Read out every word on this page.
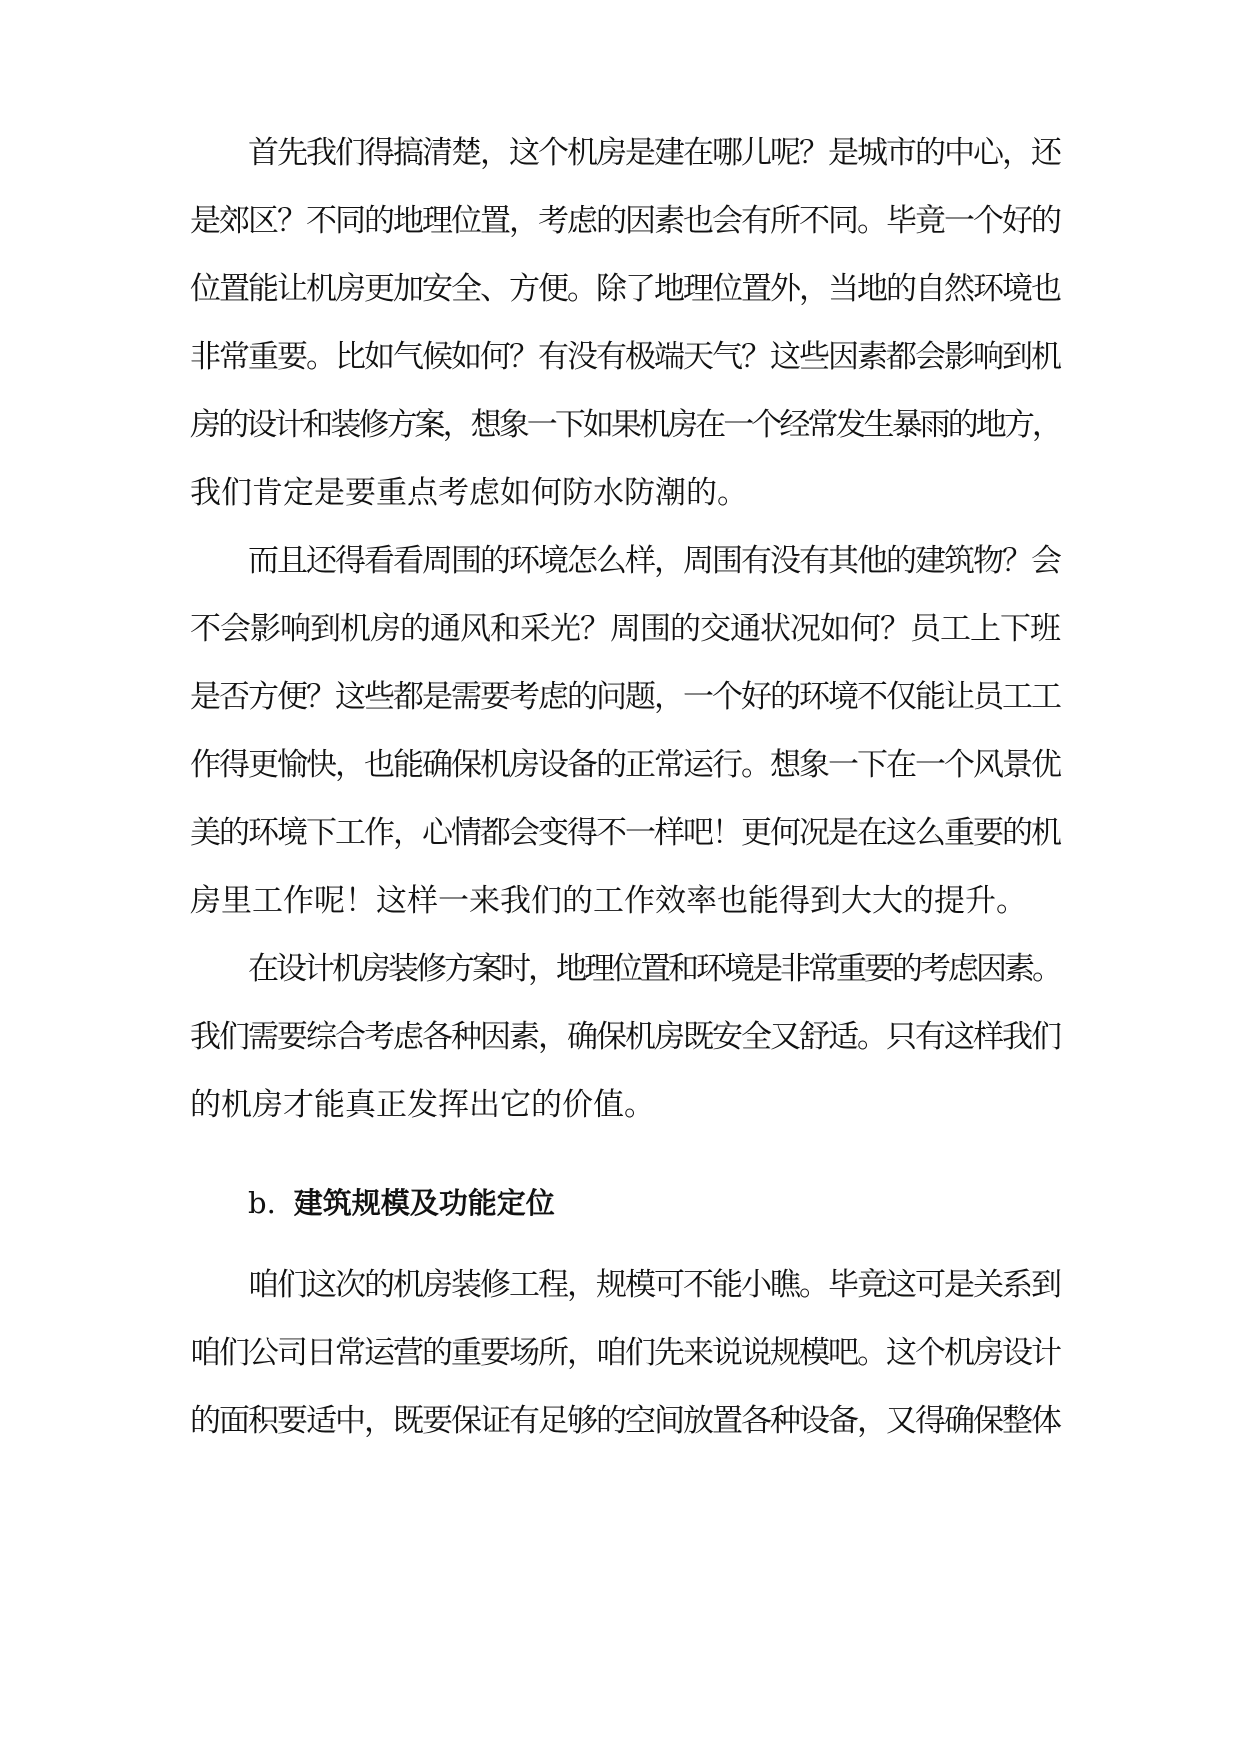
首先我们得搞清楚，这个机房是建在哪儿呢？是城市的中心，还
是郊区？不同的地理位置，考虑的因素也会有所不同。毕竟一个好的
位置能让机房更加安全、方便。除了地理位置外，当地的自然环境也
非常重要。比如气候如何？有没有极端天气？这些因素都会影响到机
房的设计和装修方案，想象一下如果机房在一个经常发生暴雨的地方，
我们肯定是要重点考虑如何防水防潮的。
而且还得看看周围的环境怎么样，周围有没有其他的建筑物？会
不会影响到机房的通风和采光？周围的交通状况如何？员工上下班
是否方便？这些都是需要考虑的问题，一个好的环境不仅能让员工工
作得更愉快，也能确保机房设备的正常运行。想象一下在一个风景优
美的环境下工作，心情都会变得不一样吧！更何况是在这么重要的机
房里工作呢！这样一来我们的工作效率也能得到大大的提升。
在设计机房装修方案时，地理位置和环境是非常重要的考虑因素。
我们需要综合考虑各种因素，确保机房既安全又舒适。只有这样我们
的机房才能真正发挥出它的价值。
b. 建筑规模及功能定位
咱们这次的机房装修工程，规模可不能小瞧。毕竟这可是关系到
咱们公司日常运营的重要场所，咱们先来说说规模吧。这个机房设计
的面积要适中，既要保证有足够的空间放置各种设备，又得确保整体
